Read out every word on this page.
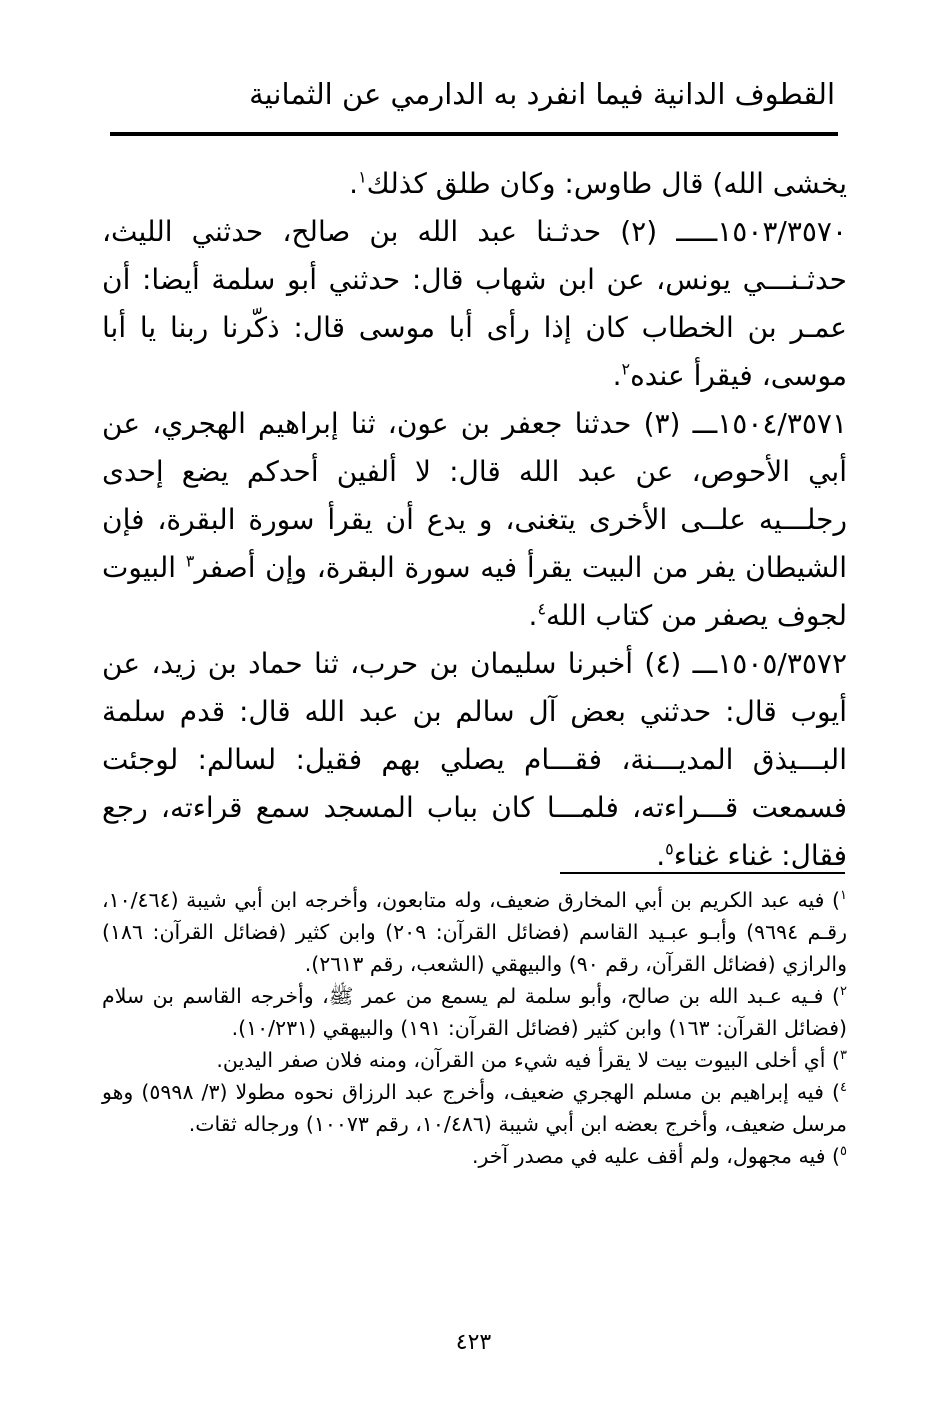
القطوف الدانية فيما انفرد به الدارمي عن الثمانية

يخشى الله) قال طاوس: وكان طلق كذلك$^١$.

١٥٠٣/٣٥٧٠ـــــ (٢) حدثـنا عبد الله بن صالح، حدثني الليث، حدثـنـــي يونس، عن ابن شهاب قال: حدثني أبو سلمة أيضا: أن عمـر بن الخطاب كان إذا رأى أبا موسى قال: ذكّرنا ربنا يا أبا موسى، فيقرأ عنده$^٢$.

١٥٠٤/٣٥٧١ـــ (٣) حدثنا جعفر بن عون، ثنا إبراهيم الهجري، عن أبي الأحوص، عن عبد الله قال: لا ألفين أحدكم يضع إحدى رجلـــيه علــى الأخرى يتغنى، و يدع أن يقرأ سورة البقرة، فإن الشيطان يفر من البيت يقرأ فيه سورة البقرة، وإن أصفر$^٣$ البيوت لجوف يصفر من كتاب الله$^٤$.

١٥٠٥/٣٥٧٢ـــ (٤) أخبرنا سليمان بن حرب، ثنا حماد بن زيد، عن أيوب قال: حدثني بعض آل سالم بن عبد الله قال: قدم سلمة البـــيذق المديـــنة، فقـــام يصلي بهم فقيل: لسالم: لوجئت فسمعت قـــراءته، فلمـــا كان بباب المسجد سمع قراءته، رجع فقال: غناء غناء$^٥$.

$^١$) فيه عبد الكريم بن أبي المخارق ضعيف، وله متابعون، وأخرجه ابن أبي شيبة (١٠/٤٦٤، رقـم ٩٦٩٤) وأبـو عبـيد القاسم (فضائل القرآن: ٢٠٩) وابن كثير (فضائل القرآن: ١٨٦) والرازي (فضائل القرآن، رقم ٩٠) والبيهقي (الشعب، رقم ٢٦١٣).

$^٢$) فـيه عـبد الله بن صالح، وأبو سلمة لم يسمع من عمر ﷺ، وأخرجه القاسم بن سلام (فضائل القرآن: ١٦٣) وابن كثير (فضائل القرآن: ١٩١) والبيهقي (١٠/٢٣١).

$^٣$) أي أخلى البيوت بيت لا يقرأ فيه شيء من القرآن، ومنه فلان صفر اليدين.

$^٤$) فيه إبراهيم بن مسلم الهجري ضعيف، وأخرج عبد الرزاق نحوه مطولا (٣/ ٥٩٩٨) وهو مرسل ضعيف، وأخرج بعضه ابن أبي شيبة (١٠/٤٨٦، رقم ١٠٠٧٣) ورجاله ثقات.

$^٥$) فيه مجهول، ولم أقف عليه في مصدر آخر.

٤٢٣
